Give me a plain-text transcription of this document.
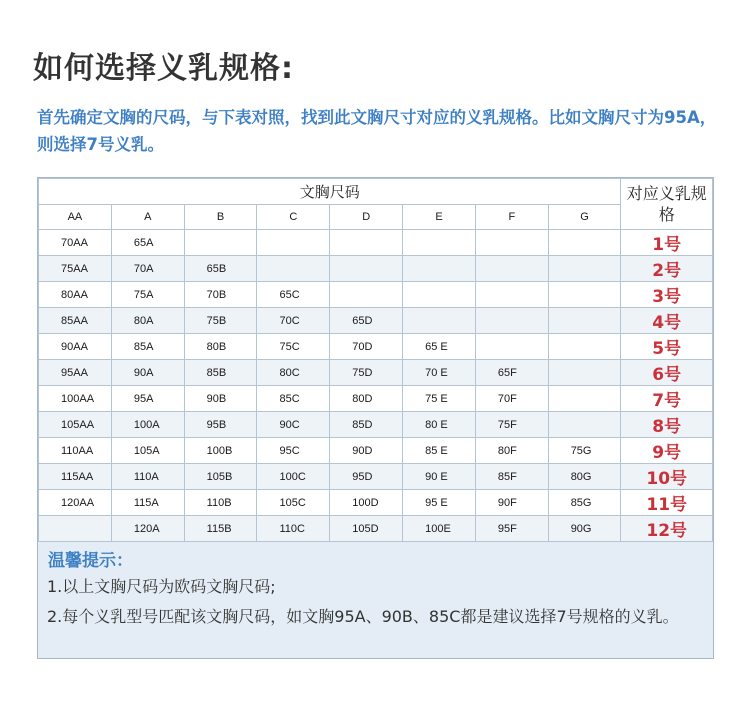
如何选择义乳规格:
首先确定文胸的尺码，与下表对照，找到此文胸尺寸对应的义乳规格。比如文胸尺寸为95A，则选择7号义乳。
文胸尺码								对应义乳规格
AA	A	B	C	D	E	F	G	
70AA	65A							1号
75AA	70A	65B						2号
80AA	75A	70B	65C					3号
85AA	80A	75B	70C	65D				4号
90AA	85A	80B	75C	70D	65 E			5号
95AA	90A	85B	80C	75D	70 E	65F		6号
100AA	95A	90B	85C	80D	75 E	70F		7号
105AA	100A	95B	90C	85D	80 E	75F		8号
110AA	105A	100B	95C	90D	85 E	80F	75G	9号
115AA	110A	105B	100C	95D	90 E	85F	80G	10号
120AA	115A	110B	105C	100D	95 E	90F	85G	11号
	120A	115B	110C	105D	100E	95F	90G	12号
温馨提示：
1.以上文胸尺码为欧码文胸尺码;
2.每个义乳型号匹配该文胸尺码，如文胸95A、90B、85C都是建议选择7号规格的义乳。
